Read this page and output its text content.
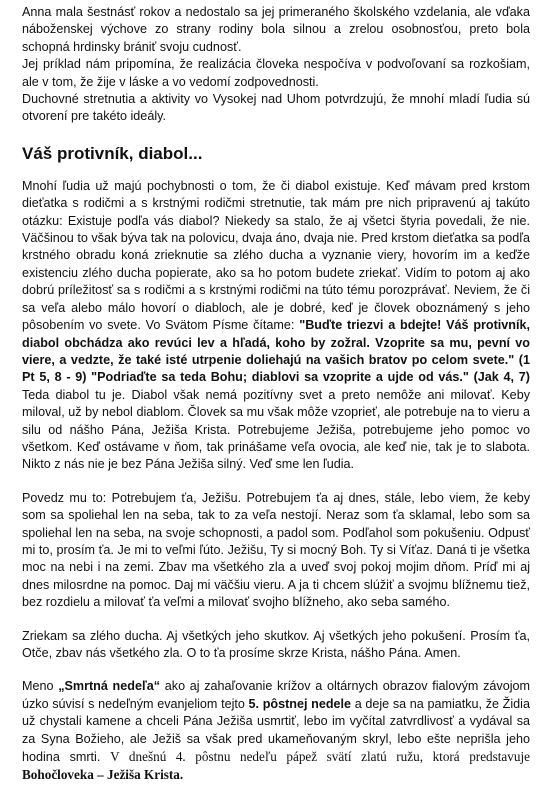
Anna mala šestnásť rokov a nedostalo sa jej primeraného školského vzdelania, ale vďaka náboženskej výchove zo strany rodiny bola silnou a zrelou osobnosťou, preto bola schopná hrdinsky brániť svoju cudnosť.

Jej príklad nám pripomína, že realizácia človeka nespočíva v podvoľovaní sa rozkošiam, ale v tom, že žije v láske a vo vedomí zodpovednosti.

Duchovné stretnutia a aktivity vo Vysokej nad Uhom potvrdzujú, že mnohí mladí ľudia sú otvorení pre takéto ideály.

Váš protivník, diabol...

Mnohí ľudia už majú pochybnosti o tom, že či diabol existuje. Keď mávam pred krstom dieťatka s rodičmi a s krstnými rodičmi stretnutie, tak mám pre nich pripravenú aj takúto otázku: Existuje podľa vás diabol? Niekedy sa stalo, že aj všetci štyria povedali, že nie. Väčšinou to však býva tak na polovicu, dvaja áno, dvaja nie. Pred krstom dieťatka sa podľa krstného obradu koná zrieknutie sa zlého ducha a vyznanie viery, hovorím im a keďže existenciu zlého ducha popierate, ako sa ho potom budete zriekať. Vidím to potom aj ako dobrú príležitosť sa s rodičmi a s krstnými rodičmi na túto tému porozprávať. Neviem, že či sa veľa alebo málo hovorí o diabloch, ale je dobré, keď je človek oboznámený s jeho pôsobením vo svete. Vo Svätom Písme čítame: "Buďte triezvi a bdejte! Váš protivník, diabol obchádza ako revúci lev a hľadá, koho by zožral. Vzoprite sa mu, pevní vo viere, a vedzte, že také isté utrpenie doliehajú na vašich bratov po celom svete." (1 Pt 5, 8 - 9) "Podriaďte sa teda Bohu; diablovi sa vzoprite a ujde od vás." (Jak 4, 7) Teda diabol tu je. Diabol však nemá pozitívny svet a preto nemôže ani milovať. Keby miloval, už by nebol diablom. Človek sa mu však môže vzoprieť, ale potrebuje na to vieru a silu od nášho Pána, Ježiša Krista. Potrebujeme Ježiša, potrebujeme jeho pomoc vo všetkom. Keď ostávame v ňom, tak prinášame veľa ovocia, ale keď nie, tak je to slabota. Nikto z nás nie je bez Pána Ježiša silný. Veď sme len ľudia.

Povedz mu to: Potrebujem ťa, Ježišu. Potrebujem ťa aj dnes, stále, lebo viem, že keby som sa spoliehal len na seba, tak to za veľa nestojí. Neraz som ťa sklamal, lebo som sa spoliehal len na seba, na svoje schopnosti, a padol som. Podľahol som pokušeniu. Odpusť mi to, prosím ťa. Je mi to veľmi ľúto. Ježišu, Ty si mocný Boh. Ty si Víťaz. Daná ti je všetka moc na nebi i na zemi. Zbav ma všetkého zla a uveď svoj pokoj mojim dňom. Príď mi aj dnes milosrdne na pomoc. Daj mi väčšiu vieru. A ja ti chcem slúžiť a svojmu blížnemu tiež, bez rozdielu a milovať ťa veľmi a milovať svojho blížneho, ako seba samého.

Zriekam sa zlého ducha. Aj všetkých jeho skutkov. Aj všetkých jeho pokušení. Prosím ťa, Otče, zbav nás všetkého zla. O to ťa prosíme skrze Krista, nášho Pána. Amen.

Meno „Smrtná nedeľa“ ako aj zahaľovanie krížov a oltárnych obrazov fialovým závojom úzko súvisí s nedeľným evanjeliom tejto 5. pôstnej nedele a deje sa na pamiatku, že Židia už chystali kamene a chceli Pána Ježiša usmrtiť, lebo im vyčítal zatvrdlivosť a vydával sa za Syna Božieho, ale Ježiš sa však pred ukameňovaným skryl, lebo ešte neprišla jeho hodina smrti. V dnešnú 4. pôstnu nedeľu pápež svätí zlatú ružu, ktorá predstavuje Bohočloveka – Ježiša Krista.
